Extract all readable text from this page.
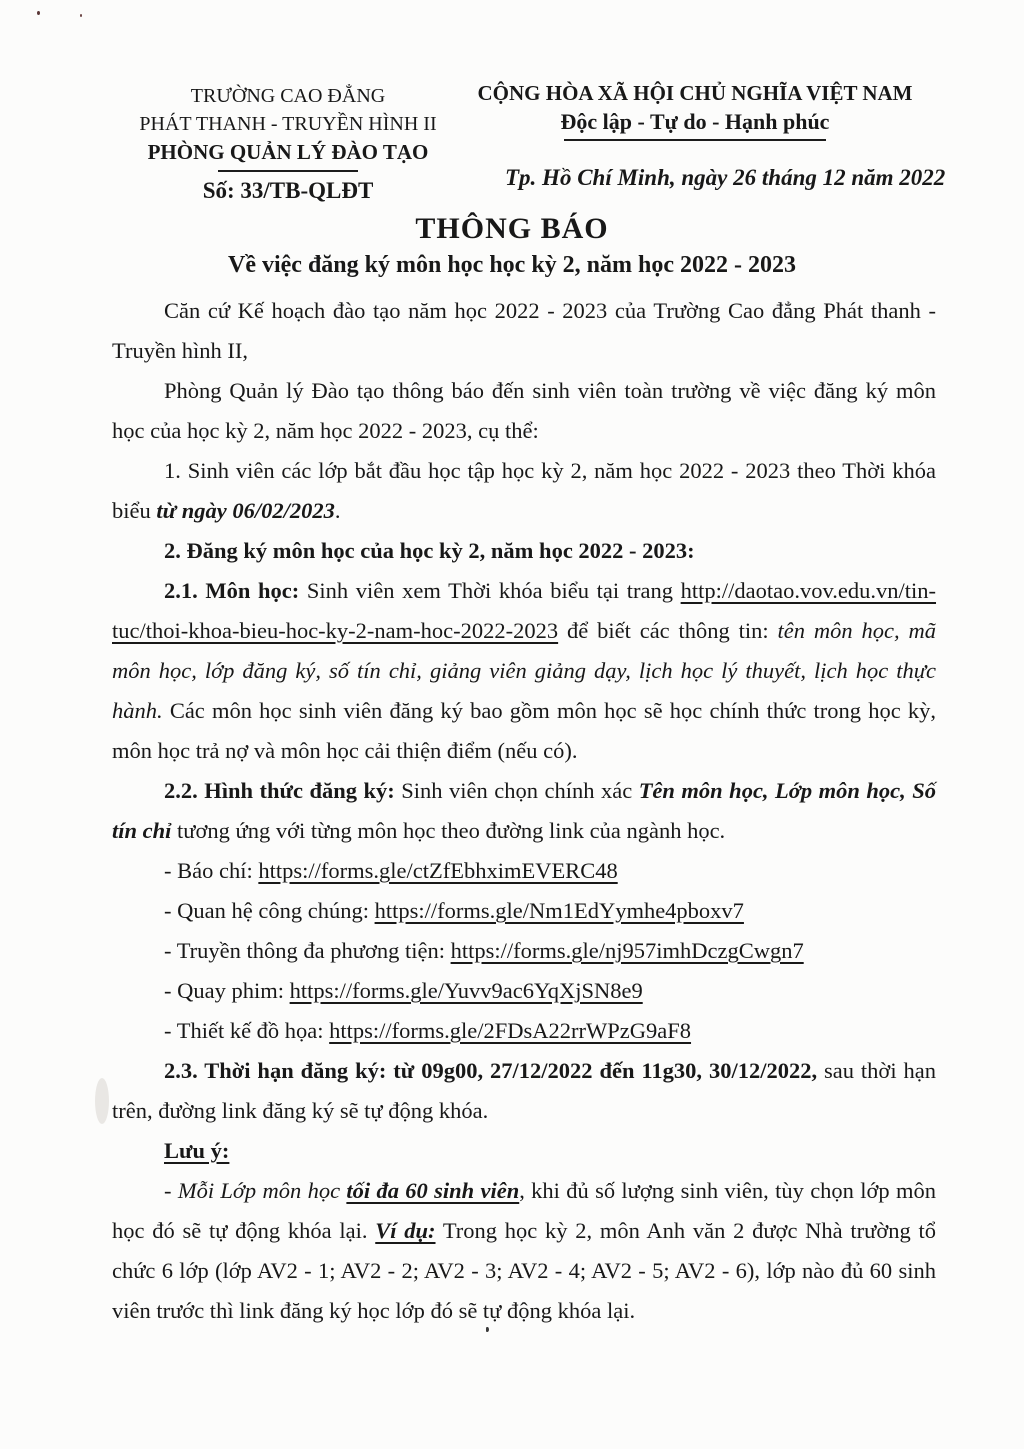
TRƯỜNG CAO ĐẲNG
PHÁT THANH - TRUYỀN HÌNH II
PHÒNG QUẢN LÝ ĐÀO TẠO
Số: 33/TB-QLĐT
CỘNG HÒA XÃ HỘI CHỦ NGHĨA VIỆT NAM
Độc lập - Tự do - Hạnh phúc
Tp. Hồ Chí Minh, ngày 26 tháng 12 năm 2022
THÔNG BÁO
Về việc đăng ký môn học học kỳ 2, năm học 2022 - 2023

Căn cứ Kế hoạch đào tạo năm học 2022 - 2023 của Trường Cao đẳng Phát thanh - Truyền hình II,

Phòng Quản lý Đào tạo thông báo đến sinh viên toàn trường về việc đăng ký môn học của học kỳ 2, năm học 2022 - 2023, cụ thể:

1. Sinh viên các lớp bắt đầu học tập học kỳ 2, năm học 2022 - 2023 theo Thời khóa biểu từ ngày 06/02/2023.

2. Đăng ký môn học của học kỳ 2, năm học 2022 - 2023:

2.1. Môn học: Sinh viên xem Thời khóa biểu tại trang http://daotao.vov.edu.vn/tin-tuc/thoi-khoa-bieu-hoc-ky-2-nam-hoc-2022-2023 để biết các thông tin: tên môn học, mã môn học, lớp đăng ký, số tín chỉ, giảng viên giảng dạy, lịch học lý thuyết, lịch học thực hành. Các môn học sinh viên đăng ký bao gồm môn học sẽ học chính thức trong học kỳ, môn học trả nợ và môn học cải thiện điểm (nếu có).

2.2. Hình thức đăng ký: Sinh viên chọn chính xác Tên môn học, Lớp môn học, Số tín chỉ tương ứng với từng môn học theo đường link của ngành học.

- Báo chí: https://forms.gle/ctZfEbhximEVERC48

- Quan hệ công chúng: https://forms.gle/Nm1EdYymhe4pboxv7

- Truyền thông đa phương tiện: https://forms.gle/nj957imhDczgCwgn7

- Quay phim: https://forms.gle/Yuvv9ac6YqXjSN8e9

- Thiết kế đồ họa: https://forms.gle/2FDsA22rrWPzG9aF8

2.3. Thời hạn đăng ký: từ 09g00, 27/12/2022 đến 11g30, 30/12/2022, sau thời hạn trên, đường link đăng ký sẽ tự động khóa.

Lưu ý:

- Mỗi Lớp môn học tối đa 60 sinh viên, khi đủ số lượng sinh viên, tùy chọn lớp môn học đó sẽ tự động khóa lại. Ví dụ: Trong học kỳ 2, môn Anh văn 2 được Nhà trường tổ chức 6 lớp (lớp AV2 - 1; AV2 - 2; AV2 - 3; AV2 - 4; AV2 - 5; AV2 - 6), lớp nào đủ 60 sinh viên trước thì link đăng ký học lớp đó sẽ tự động khóa lại.
